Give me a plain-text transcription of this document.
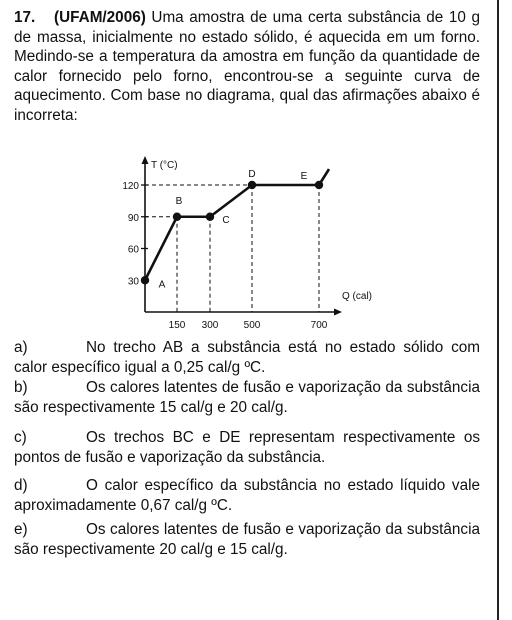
17. (UFAM/2006) Uma amostra de uma certa substância de 10 g de massa, inicialmente no estado sólido, é aquecida em um forno. Medindo-se a temperatura da amostra em função da quantidade de calor fornecido pelo forno, encontrou-se a seguinte curva de aquecimento. Com base no diagrama, qual das afirmações abaixo é incorreta:
30
60
90
120
150 300	500	700
T (°C)
Q (cal)
A
B
C
D	E
a)	No trecho AB a substância está no estado sólido com calor específico igual a 0,25 cal/g ºC.
b)	Os calores latentes de fusão e vaporização da substância são respectivamente 15 cal/g e 20 cal/g.
c)	Os trechos BC e DE representam respectivamente os pontos de fusão e vaporização da substância.
d)	O calor específico da substância no estado líquido vale aproximadamente 0,67 cal/g ºC.
e)	Os calores latentes de fusão e vaporização da substância são respectivamente 20 cal/g e 15 cal/g.
